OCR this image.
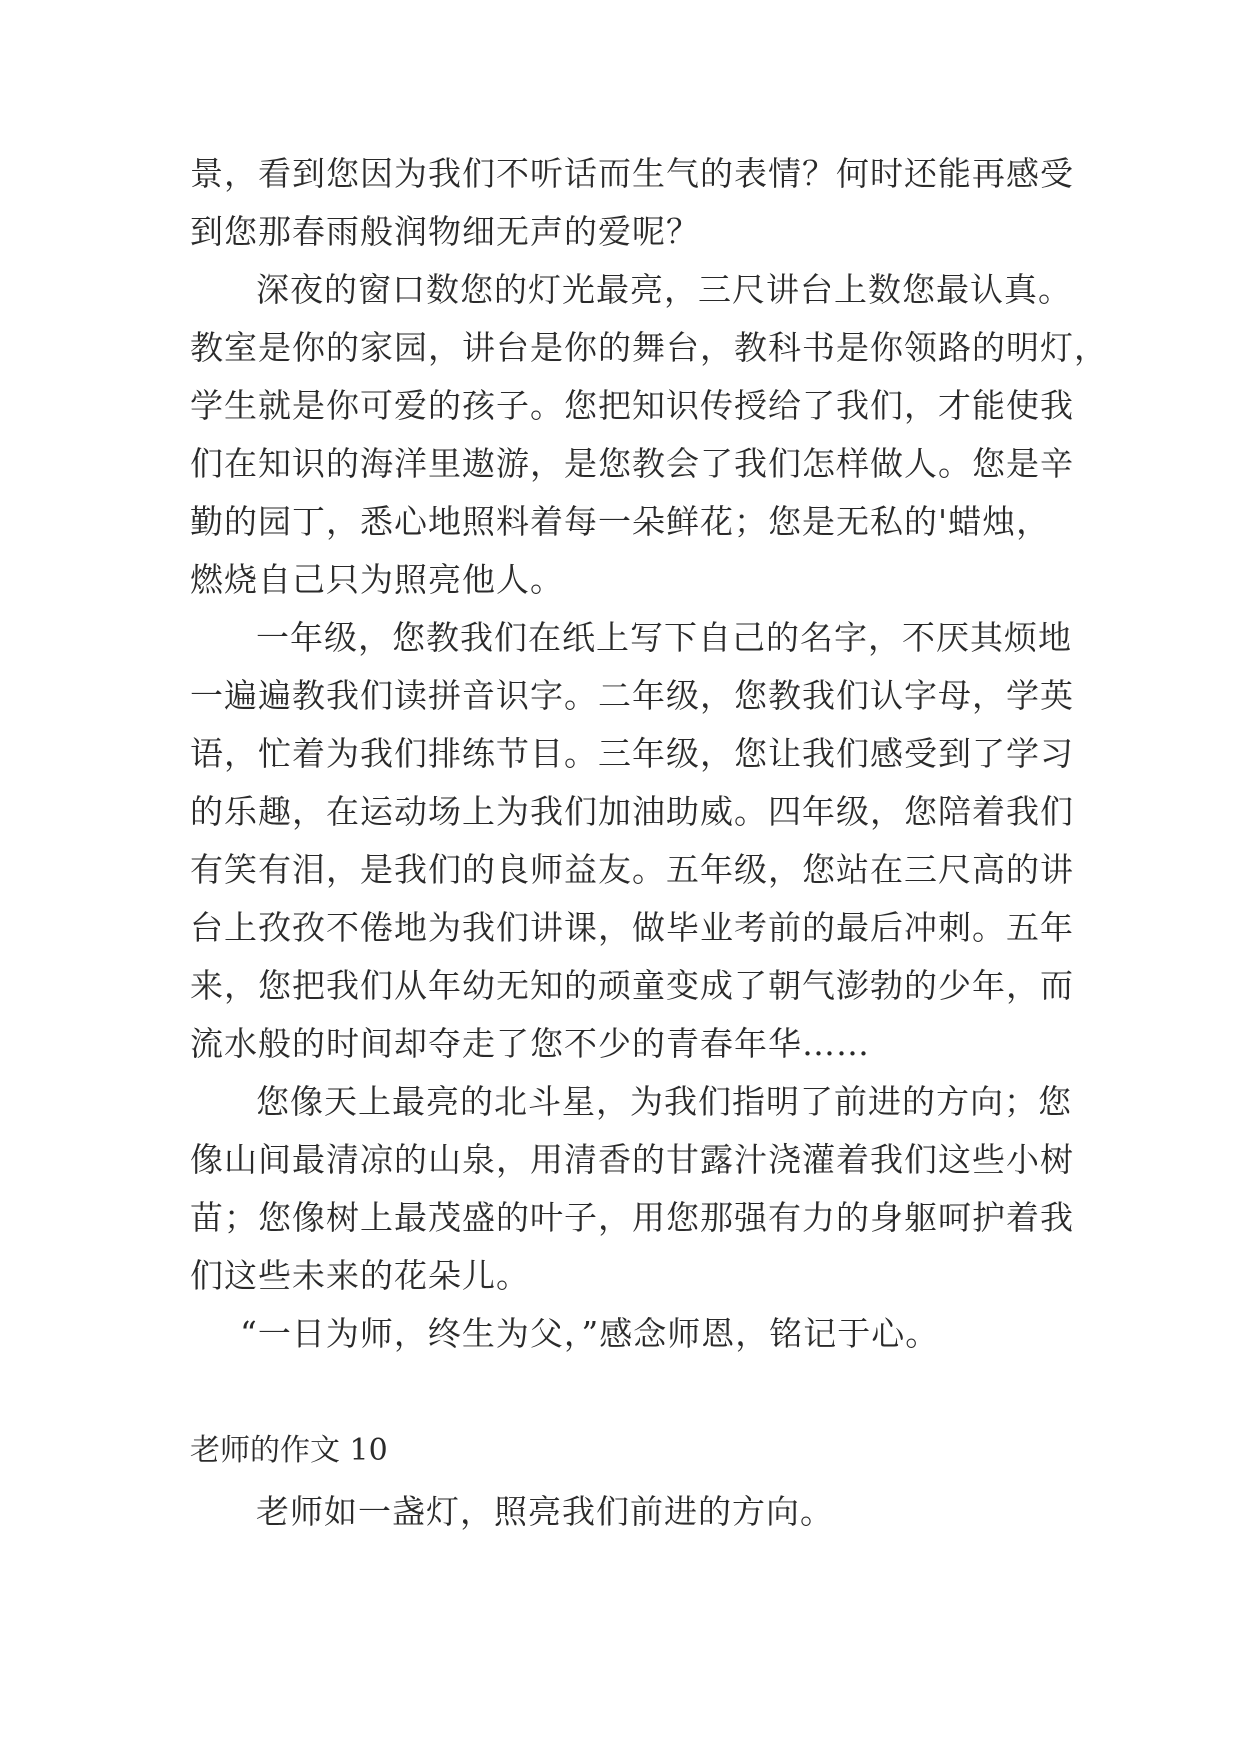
景，看到您因为我们不听话而生气的表情？何时还能再感受
到您那春雨般润物细无声的爱呢？
深夜的窗口数您的灯光最亮，三尺讲台上数您最认真。
教室是你的家园，讲台是你的舞台，教科书是你领路的明灯，
学生就是你可爱的孩子。您把知识传授给了我们，才能使我
们在知识的海洋里遨游，是您教会了我们怎样做人。您是辛
勤的园丁，悉心地照料着每一朵鲜花；您是无私的'蜡烛，
燃烧自己只为照亮他人。
一年级，您教我们在纸上写下自己的名字，不厌其烦地
一遍遍教我们读拼音识字。二年级，您教我们认字母，学英
语，忙着为我们排练节目。三年级，您让我们感受到了学习
的乐趣，在运动场上为我们加油助威。四年级，您陪着我们
有笑有泪，是我们的良师益友。五年级，您站在三尺高的讲
台上孜孜不倦地为我们讲课，做毕业考前的最后冲刺。五年
来，您把我们从年幼无知的顽童变成了朝气澎勃的少年，而
流水般的时间却夺走了您不少的青春年华……
您像天上最亮的北斗星，为我们指明了前进的方向；您
像山间最清凉的山泉，用清香的甘露汁浇灌着我们这些小树
苗；您像树上最茂盛的叶子，用您那强有力的身躯呵护着我
们这些未来的花朵儿。
“一日为师，终生为父，”感念师恩，铭记于心。
老师的作文 10
老师如一盏灯，照亮我们前进的方向。
